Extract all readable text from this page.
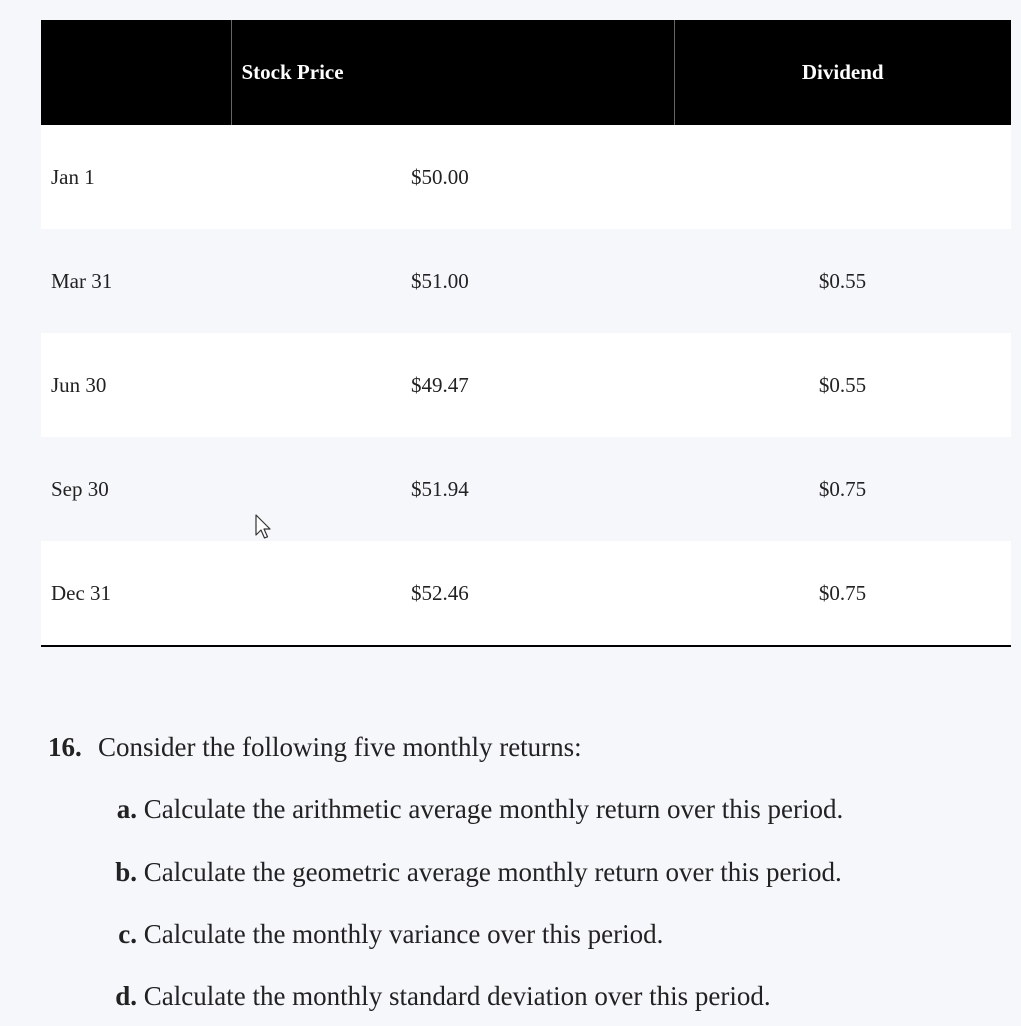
	Stock Price	Dividend
Jan 1	$50.00	
Mar 31	$51.00	$0.55
Jun 30	$49.47	$0.55
Sep 30	$51.94	$0.75
Dec 31	$52.46	$0.75
16. Consider the following five monthly returns:
a. Calculate the arithmetic average monthly return over this period.
b. Calculate the geometric average monthly return over this period.
c. Calculate the monthly variance over this period.
d. Calculate the monthly standard deviation over this period.
